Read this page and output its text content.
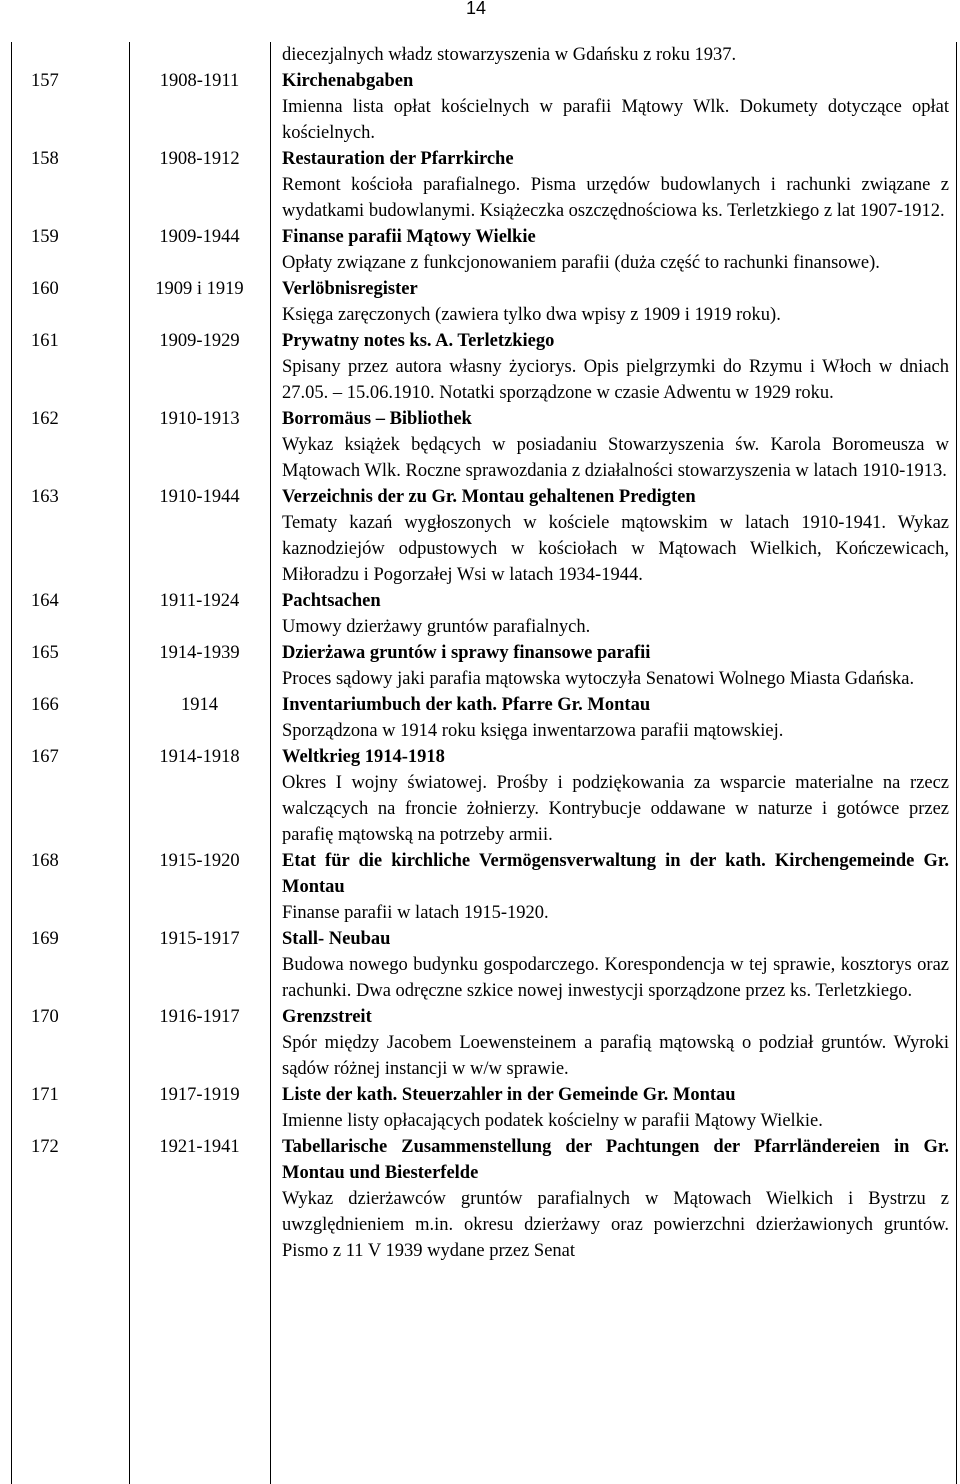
14
diecezjalnych władz stowarzyszenia w Gdańsku z roku 1937.
157	1908-1911	Kirchenabgaben
Imienna lista opłat kościelnych w parafii Mątowy Wlk. Dokumety dotyczące opłat kościelnych.
158	1908-1912	Restauration der Pfarrkirche
Remont kościoła parafialnego. Pisma urzędów budowlanych i rachunki związane z wydatkami budowlanymi. Książeczka oszczędnościowa ks. Terletzkiego z lat 1907-1912.
159	1909-1944	Finanse parafii Mątowy Wielkie
Opłaty związane z funkcjonowaniem parafii (duża część to rachunki finansowe).
160	1909 i 1919	Verlöbnisregister
Księga zaręczonych (zawiera tylko dwa wpisy z 1909 i 1919 roku).
161	1909-1929	Prywatny notes ks. A. Terletzkiego
Spisany przez autora własny życiorys. Opis pielgrzymki do Rzymu i Włoch w dniach 27.05. – 15.06.1910. Notatki sporządzone w czasie Adwentu w 1929 roku.
162	1910-1913	Borromäus – Bibliothek
Wykaz książek będących w posiadaniu Stowarzyszenia św. Karola Boromeusza w Mątowach Wlk. Roczne sprawozdania z działalności stowarzyszenia w latach 1910-1913.
163	1910-1944	Verzeichnis der zu Gr. Montau gehaltenen Predigten
Tematy kazań wygłoszonych w kościele mątowskim w latach 1910-1941. Wykaz kaznodziejów odpustowych w kościołach w Mątowach Wielkich, Kończewicach, Miłoradzu i Pogorzałej Wsi w latach 1934-1944.
164	1911-1924	Pachtsachen
Umowy dzierżawy gruntów parafialnych.
165	1914-1939	Dzierżawa gruntów i sprawy finansowe parafii
Proces sądowy jaki parafia mątowska wytoczyła Senatowi Wolnego Miasta Gdańska.
166	1914	Inventariumbuch der kath. Pfarre Gr. Montau
Sporządzona w 1914 roku księga inwentarzowa parafii mątowskiej.
167	1914-1918	Weltkrieg 1914-1918
Okres I wojny światowej. Prośby i podziękowania za wsparcie materialne na rzecz walczących na froncie żołnierzy. Kontrybucje oddawane w naturze i gotówce przez parafię mątowską na potrzeby armii.
168	1915-1920	Etat für die kirchliche Vermögensverwaltung in der kath. Kirchengemeinde Gr. Montau
Finanse parafii w latach 1915-1920.
169	1915-1917	Stall- Neubau
Budowa nowego budynku gospodarczego. Korespondencja w tej sprawie, kosztorys oraz rachunki. Dwa odręczne szkice nowej inwestycji sporządzone przez ks. Terletzkiego.
170	1916-1917	Grenzstreit
Spór między Jacobem Loewensteinem a parafią mątowską o podział gruntów. Wyroki sądów różnej instancji w w/w sprawie.
171	1917-1919	Liste der kath. Steuerzahler in der Gemeinde Gr. Montau
Imienne listy opłacających podatek kościelny w parafii Mątowy Wielkie.
172	1921-1941	Tabellarische Zusammenstellung der Pachtungen der Pfarrländereien in Gr. Montau und Biesterfelde
Wykaz dzierżawców gruntów parafialnych w Mątowach Wielkich i Bystrzu z uwzględnieniem m.in. okresu dzierżawy oraz powierzchni dzierżawionych gruntów. Pismo z 11 V 1939 wydane przez Senat
